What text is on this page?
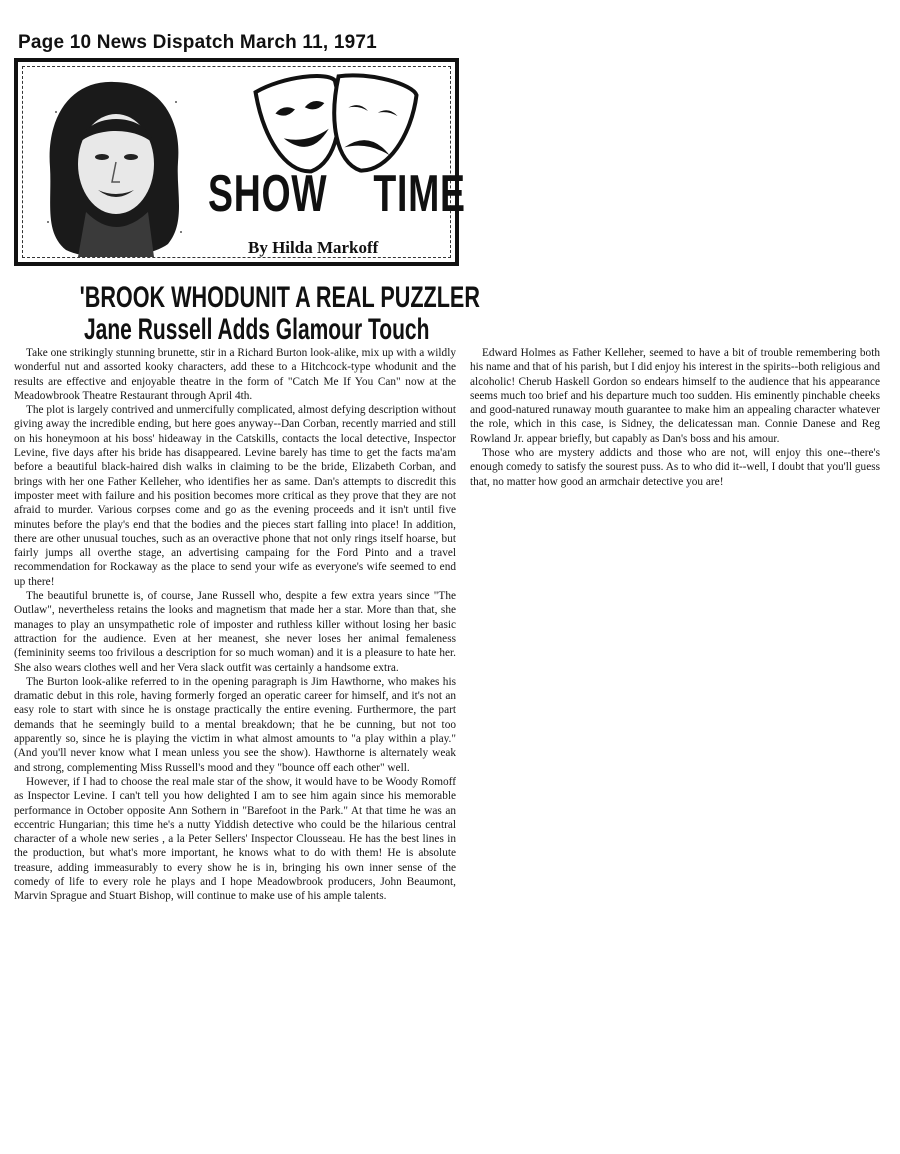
Page 10 News Dispatch March 11, 1971
SHOW TIME
By Hilda Markoff
'BROOK WHODUNIT A REAL PUZZLER
Jane Russell Adds Glamour Touch

Take one strikingly stunning brunette, stir in a Richard Burton look-alike, mix up with a wildly wonderful nut and assorted kooky characters, add these to a Hitchcock-type whodunit and the results are effective and enjoyable theatre in the form of "Catch Me If You Can" now at the Meadowbrook Theatre Restaurant through April 4th.

The plot is largely contrived and unmercifully complicated, almost defying description without giving away the incredible ending, but here goes anyway--Dan Corban, recently married and still on his honeymoon at his boss' hideaway in the Catskills, contacts the local detective, Inspector Levine, five days after his bride has disappeared. Levine barely has time to get the facts ma'am before a beautiful black-haired dish walks in claiming to be the bride, Elizabeth Corban, and brings with her one Father Kelleher, who identifies her as same. Dan's attempts to discredit this imposter meet with failure and his position becomes more critical as they prove that they are not afraid to murder. Various corpses come and go as the evening proceeds and it isn't until five minutes before the play's end that the bodies and the pieces start falling into place! In addition, there are other unusual touches, such as an overactive phone that not only rings itself hoarse, but fairly jumps all overthe stage, an advertising campaing for the Ford Pinto and a travel recommendation for Rockaway as the place to send your wife as everyone's wife seemed to end up there!

The beautiful brunette is, of course, Jane Russell who, despite a few extra years since "The Outlaw", nevertheless retains the looks and magnetism that made her a star. More than that, she manages to play an unsympathetic role of imposter and ruthless killer without losing her basic attraction for the audience. Even at her meanest, she never loses her animal femaleness (femininity seems too frivilous a description for so much woman) and it is a pleasure to hate her. She also wears clothes well and her Vera slack outfit was certainly a handsome extra.

The Burton look-alike referred to in the opening paragraph is Jim Hawthorne, who makes his dramatic debut in this role, having formerly forged an operatic career for himself, and it's not an easy role to start with since he is onstage practically the entire evening. Furthermore, the part demands that he seemingly build to a mental breakdown; that he be cunning, but not too apparently so, since he is playing the victim in what almost amounts to "a play within a play." (And you'll never know what I mean unless you see the show). Hawthorne is alternately weak and strong, complementing Miss Russell's mood and they "bounce off each other" well.

However, if I had to choose the real male star of the show, it would have to be Woody Romoff as Inspector Levine. I can't tell you how delighted I am to see him again since his memorable performance in October opposite Ann Sothern in "Barefoot in the Park." At that time he was an eccentric Hungarian; this time he's a nutty Yiddish detective who could be the hilarious central character of a whole new series , a la Peter Sellers' Inspector Clousseau. He has the best lines in the production, but what's more important, he knows what to do with them! He is absolute treasure, adding immeasurably to every show he is in, bringing his own inner sense of the comedy of life to every role he plays and I hope Meadowbrook producers, John Beaumont, Marvin Sprague and Stuart Bishop, will continue to make use of his ample talents.

Edward Holmes as Father Kelleher, seemed to have a bit of trouble remembering both his name and that of his parish, but I did enjoy his interest in the spirits--both religious and alcoholic! Cherub Haskell Gordon so endears himself to the audience that his appearance seems much too brief and his departure much too sudden. His eminently pinchable cheeks and good-natured runaway mouth guarantee to make him an appealing character whatever the role, which in this case, is Sidney, the delicatessan man. Connie Danese and Reg Rowland Jr. appear briefly, but capably as Dan's boss and his amour.

Those who are mystery addicts and those who are not, will enjoy this one--there's enough comedy to satisfy the sourest puss. As to who did it--well, I doubt that you'll guess that, no matter how good an armchair detective you are!
